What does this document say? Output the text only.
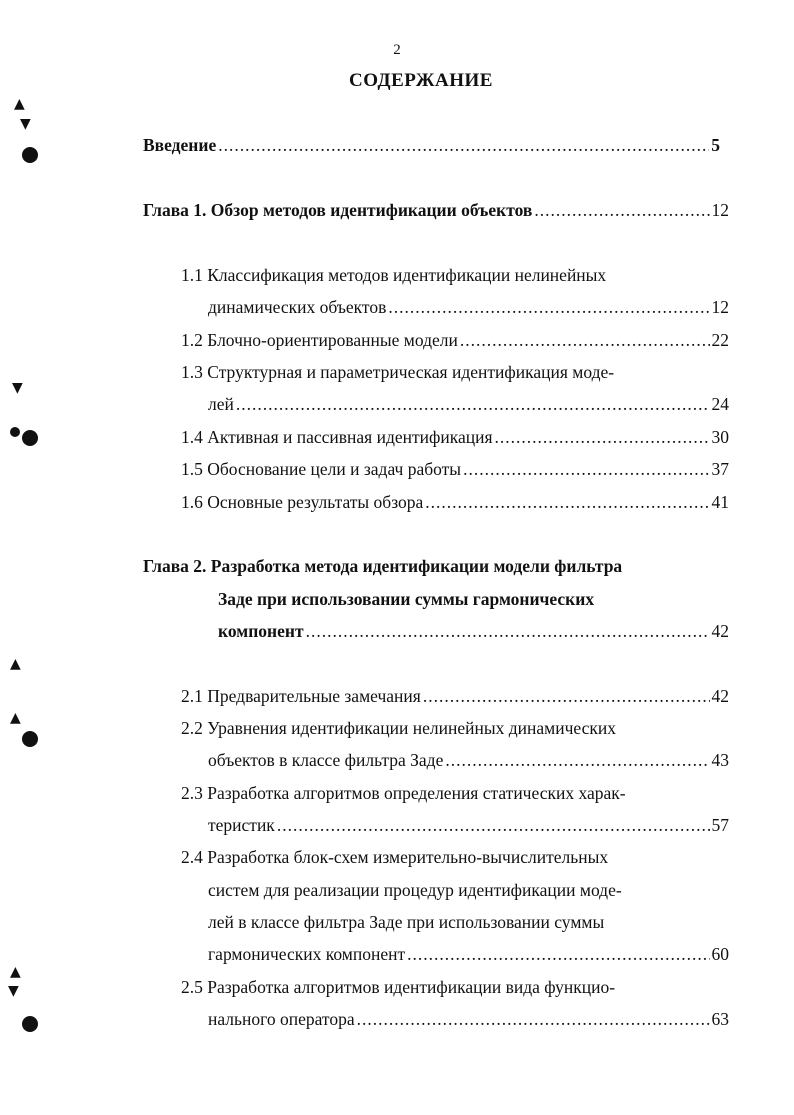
2
СОДЕРЖАНИЕ
Введение .....	5
Глава 1. Обзор методов идентификации объектов .....	12
1.1 Классификация методов идентификации нелинейных
динамических объектов .....	12
1.2 Блочно-ориентированные модели .....	22
1.3 Структурная и параметрическая идентификация моде-
лей .....	24
1.4 Активная и пассивная идентификация .....	30
1.5 Обоснование цели и задач работы .....	37
1.6 Основные результаты обзора .....	41
Глава 2. Разработка метода идентификации модели фильтра
Заде при использовании суммы гармонических
компонент .....	42
2.1 Предварительные замечания .....	42
2.2 Уравнения идентификации нелинейных динамических
объектов в классе фильтра Заде .....	43
2.3 Разработка алгоритмов определения статических харак-
теристик .....	57
2.4 Разработка блок-схем измерительно-вычислительных
систем для реализации процедур идентификации моде-
лей в классе фильтра Заде при использовании суммы
гармонических компонент .....	60
2.5 Разработка алгоритмов идентификации вида функцио-
нального оператора .....	63
▲
▼
▼
▲
▲
▲
▼
